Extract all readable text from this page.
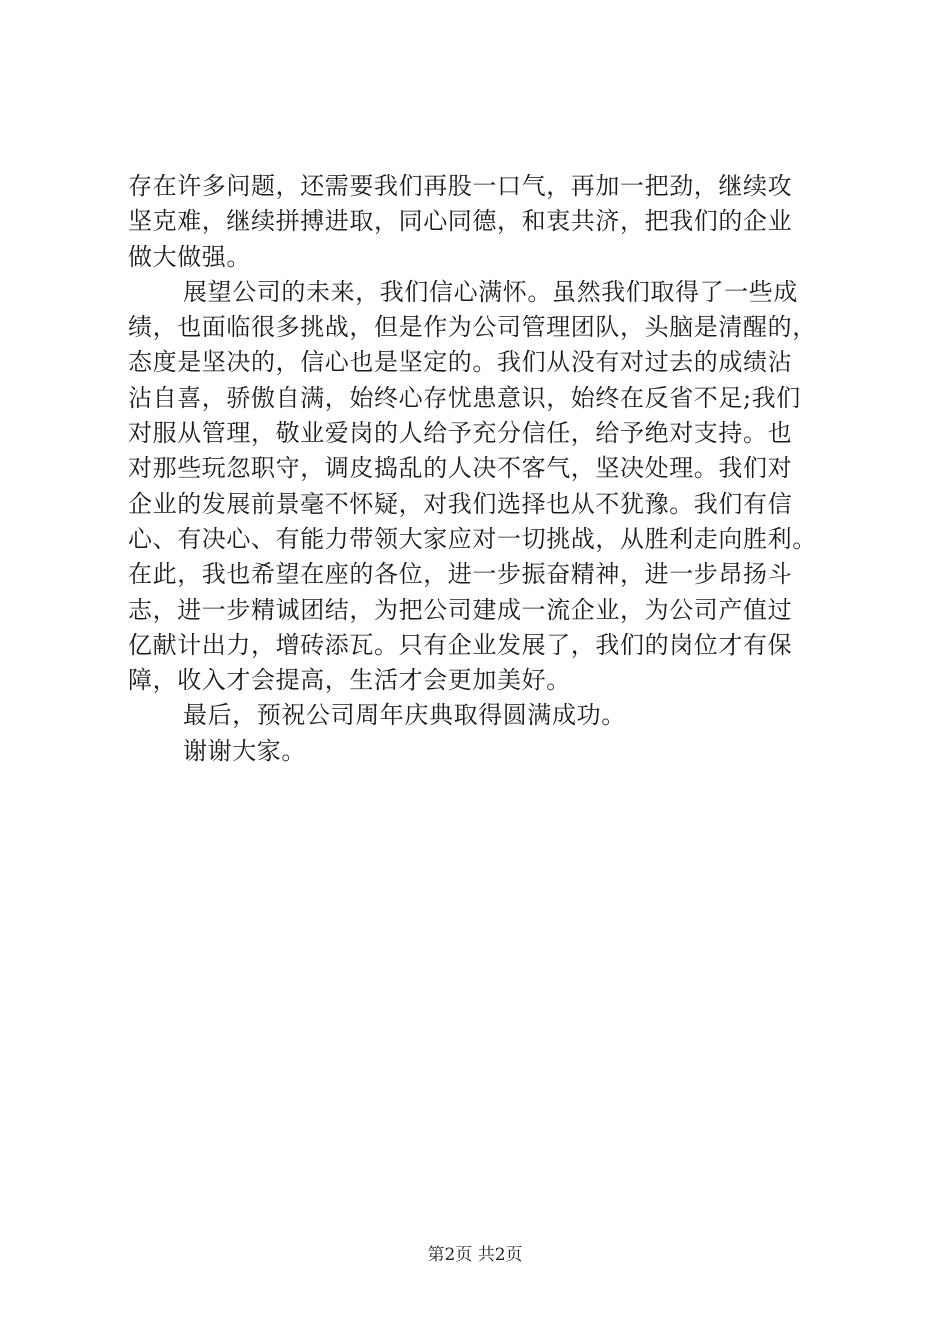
存在许多问题，还需要我们再股一口气，再加一把劲，继续攻
坚克难，继续拼搏进取，同心同德，和衷共济，把我们的企业
做大做强。
展望公司的未来，我们信心满怀。虽然我们取得了一些成
绩，也面临很多挑战，但是作为公司管理团队，头脑是清醒的，
态度是坚决的，信心也是坚定的。我们从没有对过去的成绩沾
沾自喜，骄傲自满，始终心存忧患意识，始终在反省不足;我们
对服从管理，敬业爱岗的人给予充分信任，给予绝对支持。也
对那些玩忽职守，调皮捣乱的人决不客气，坚决处理。我们对
企业的发展前景毫不怀疑，对我们选择也从不犹豫。我们有信
心、有决心、有能力带领大家应对一切挑战，从胜利走向胜利。
在此，我也希望在座的各位，进一步振奋精神，进一步昂扬斗
志，进一步精诚团结，为把公司建成一流企业，为公司产值过
亿献计出力，增砖添瓦。只有企业发展了，我们的岗位才有保
障，收入才会提高，生活才会更加美好。
最后，预祝公司周年庆典取得圆满成功。
谢谢大家。
第2页 共2页
